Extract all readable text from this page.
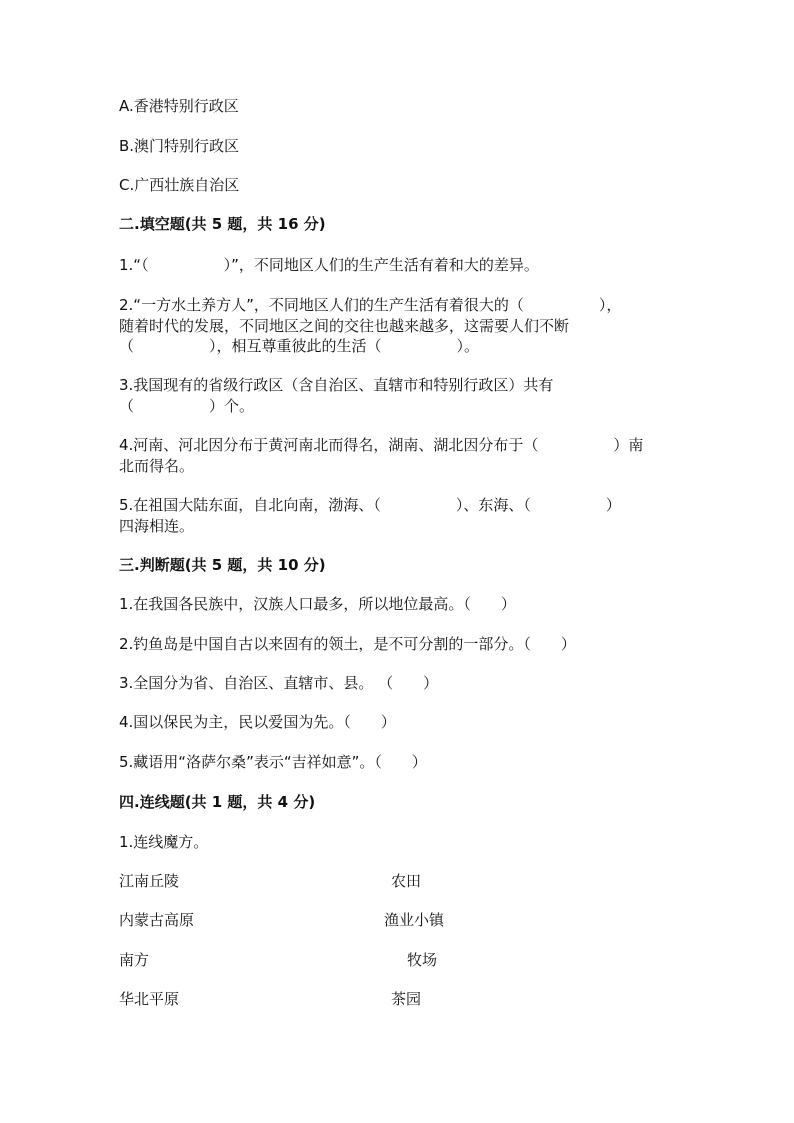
A.香港特别行政区
B.澳门特别行政区
C.广西壮族自治区
二.填空题(共 5 题，共 16 分)
1.“（　　　　　）”，不同地区人们的生产生活有着和大的差异。
2.“一方水土养方人”，不同地区人们的生产生活有着很大的（　　　　　），
随着时代的发展，不同地区之间的交往也越来越多，这需要人们不断
（　　　　　），相互尊重彼此的生活（　　　　　）。
3.我国现有的省级行政区（含自治区、直辖市和特别行政区）共有
（　　　　　）个。
4.河南、河北因分布于黄河南北而得名，湖南、湖北因分布于（　　　　　）南
北而得名。
5.在祖国大陆东面，自北向南，渤海、（　　　　　）、东海、（　　　　　）
四海相连。
三.判断题(共 5 题，共 10 分)
1.在我国各民族中，汉族人口最多，所以地位最高。（　　）
2.钓鱼岛是中国自古以来固有的领土，是不可分割的一部分。（　　）
3.全国分为省、自治区、直辖市、县。 （　　）
4.国以保民为主，民以爱国为先。（　　）
5.藏语用“洛萨尔桑”表示“吉祥如意”。（　　）
四.连线题(共 1 题，共 4 分)
1.连线魔方。
江南丘陵
内蒙古高原
南方
华北平原
农田
渔业小镇
牧场
茶园
